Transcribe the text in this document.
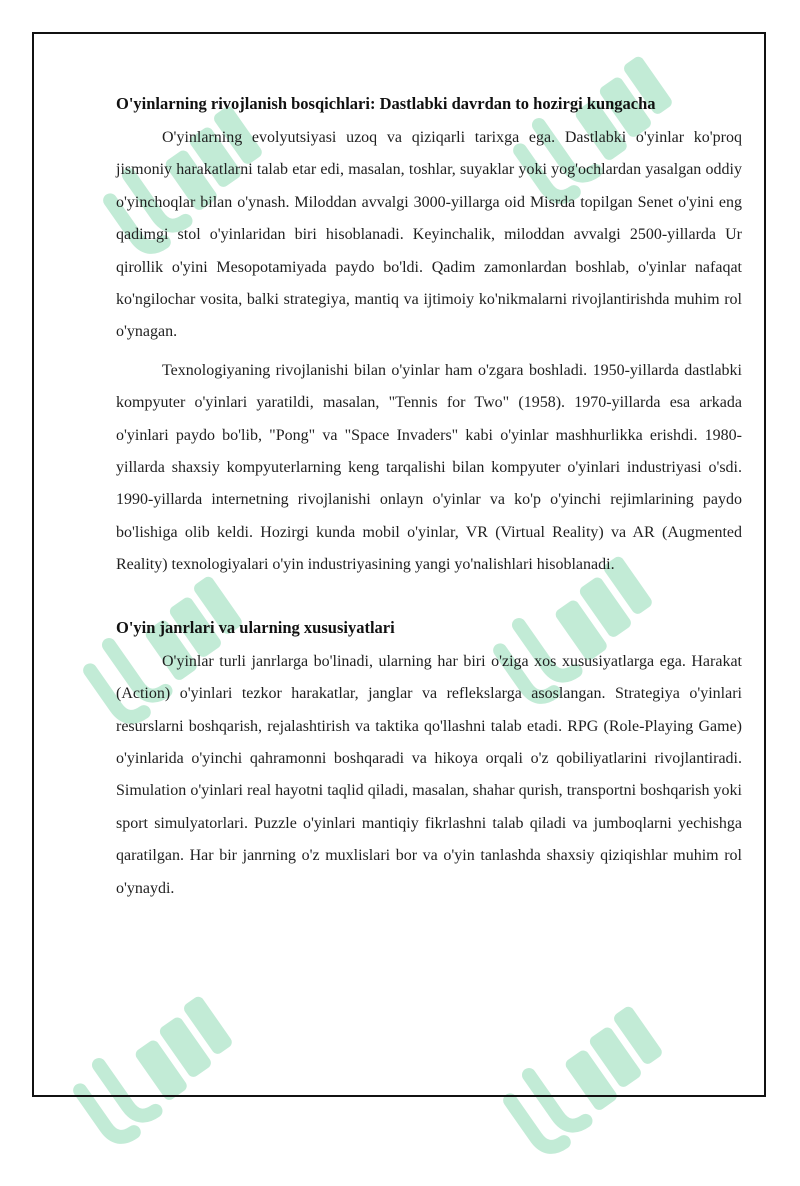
O'yinlarning rivojlanish bosqichlari: Dastlabki davrdan to hozirgi kungacha

O'yinlarning evolyutsiyasi uzoq va qiziqarli tarixga ega. Dastlabki o'yinlar ko'proq jismoniy harakatlarni talab etar edi, masalan, toshlar, suyaklar yoki yog'ochlardan yasalgan oddiy o'yinchoqlar bilan o'ynash. Miloddan avvalgi 3000-yillarga oid Misrda topilgan Senet o'yini eng qadimgi stol o'yinlaridan biri hisoblanadi. Keyinchalik, miloddan avvalgi 2500-yillarda Ur qirollik o'yini Mesopotamiyada paydo bo'ldi. Qadim zamonlardan boshlab, o'yinlar nafaqat ko'ngilochar vosita, balki strategiya, mantiq va ijtimoiy ko'nikmalarni rivojlantirishda muhim rol o'ynagan.

Texnologiyaning rivojlanishi bilan o'yinlar ham o'zgara boshladi. 1950-yillarda dastlabki kompyuter o'yinlari yaratildi, masalan, "Tennis for Two" (1958). 1970-yillarda esa arkada o'yinlari paydo bo'lib, "Pong" va "Space Invaders" kabi o'yinlar mashhurlikka erishdi. 1980-yillarda shaxsiy kompyuterlarning keng tarqalishi bilan kompyuter o'yinlari industriyasi o'sdi. 1990-yillarda internetning rivojlanishi onlayn o'yinlar va ko'p o'yinchi rejimlarining paydo bo'lishiga olib keldi. Hozirgi kunda mobil o'yinlar, VR (Virtual Reality) va AR (Augmented Reality) texnologiyalari o'yin industriyasining yangi yo'nalishlari hisoblanadi.

O'yin janrlari va ularning xususiyatlari

O'yinlar turli janrlarga bo'linadi, ularning har biri o'ziga xos xususiyatlarga ega. Harakat (Action) o'yinlari tezkor harakatlar, janglar va reflekslarga asoslangan. Strategiya o'yinlari resurslarni boshqarish, rejalashtirish va taktika qo'llashni talab etadi. RPG (Role-Playing Game) o'yinlarida o'yinchi qahramonni boshqaradi va hikoya orqali o'z qobiliyatlarini rivojlantiradi. Simulation o'yinlari real hayotni taqlid qiladi, masalan, shahar qurish, transportni boshqarish yoki sport simulyatorlari. Puzzle o'yinlari mantiqiy fikrlashni talab qiladi va jumboqlarni yechishga qaratilgan. Har bir janrning o'z muxlislari bor va o'yin tanlashda shaxsiy qiziqishlar muhim rol o'ynaydi.
